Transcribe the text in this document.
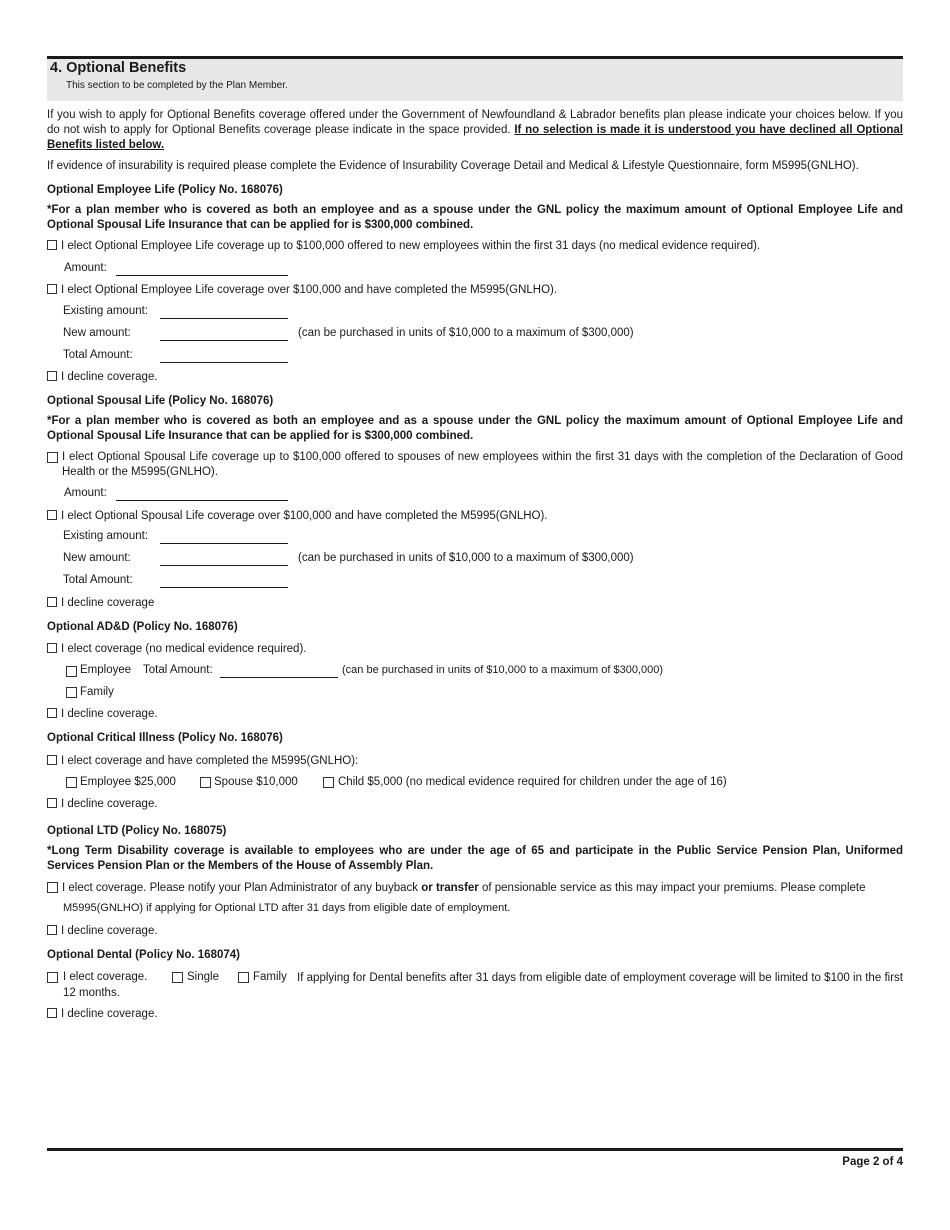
4. Optional Benefits
This section to be completed by the Plan Member.
If you wish to apply for Optional Benefits coverage offered under the Government of Newfoundland & Labrador benefits plan please indicate your choices below. If you do not wish to apply for Optional Benefits coverage please indicate in the space provided. If no selection is made it is understood you have declined all Optional Benefits listed below.
If evidence of insurability is required please complete the Evidence of Insurability Coverage Detail and Medical & Lifestyle Questionnaire, form M5995(GNLHO).
Optional Employee Life (Policy No. 168076)
*For a plan member who is covered as both an employee and as a spouse under the GNL policy the maximum amount of Optional Employee Life and Optional Spousal Life Insurance that can be applied for is $300,000 combined.
I elect Optional Employee Life coverage up to $100,000 offered to new employees within the first 31 days (no medical evidence required).
Amount:
I elect Optional Employee Life coverage over $100,000 and have completed the M5995(GNLHO).
Existing amount:
New amount:	(can be purchased in units of $10,000 to a maximum of $300,000)
Total Amount:
I decline coverage.
Optional Spousal Life (Policy No. 168076)
*For a plan member who is covered as both an employee and as a spouse under the GNL policy the maximum amount of Optional Employee Life and Optional Spousal Life Insurance that can be applied for is $300,000 combined.
I elect Optional Spousal Life coverage up to $100,000 offered to spouses of new employees within the first 31 days with the completion of the Declaration of Good Health or the M5995(GNLHO).
Amount:
I elect Optional Spousal Life coverage over $100,000 and have completed the M5995(GNLHO).
Existing amount:
New amount:	(can be purchased in units of $10,000 to a maximum of $300,000)
Total Amount:
I decline coverage
Optional AD&D (Policy No. 168076)
I elect coverage (no medical evidence required).
Employee Total Amount:	(can be purchased in units of $10,000 to a maximum of $300,000)
Family
I decline coverage.
Optional Critical Illness (Policy No. 168076)
I elect coverage and have completed the M5995(GNLHO):
Employee $25,000	Spouse $10,000	Child $5,000 (no medical evidence required for children under the age of 16)
I decline coverage.
Optional LTD (Policy No. 168075)
*Long Term Disability coverage is available to employees who are under the age of 65 and participate in the Public Service Pension Plan, Uniformed Services Pension Plan or the Members of the House of Assembly Plan.
I elect coverage. Please notify your Plan Administrator of any buyback or transfer of pensionable service as this may impact your premiums. Please complete
M5995(GNLHO) if applying for Optional LTD after 31 days from eligible date of employment.
I decline coverage.
Optional Dental (Policy No. 168074)
I elect coverage.	Single	Family If applying for Dental benefits after 31 days from eligible date of employment coverage will be limited to $100 in the first 12 months.
I decline coverage.
Page 2 of 4
